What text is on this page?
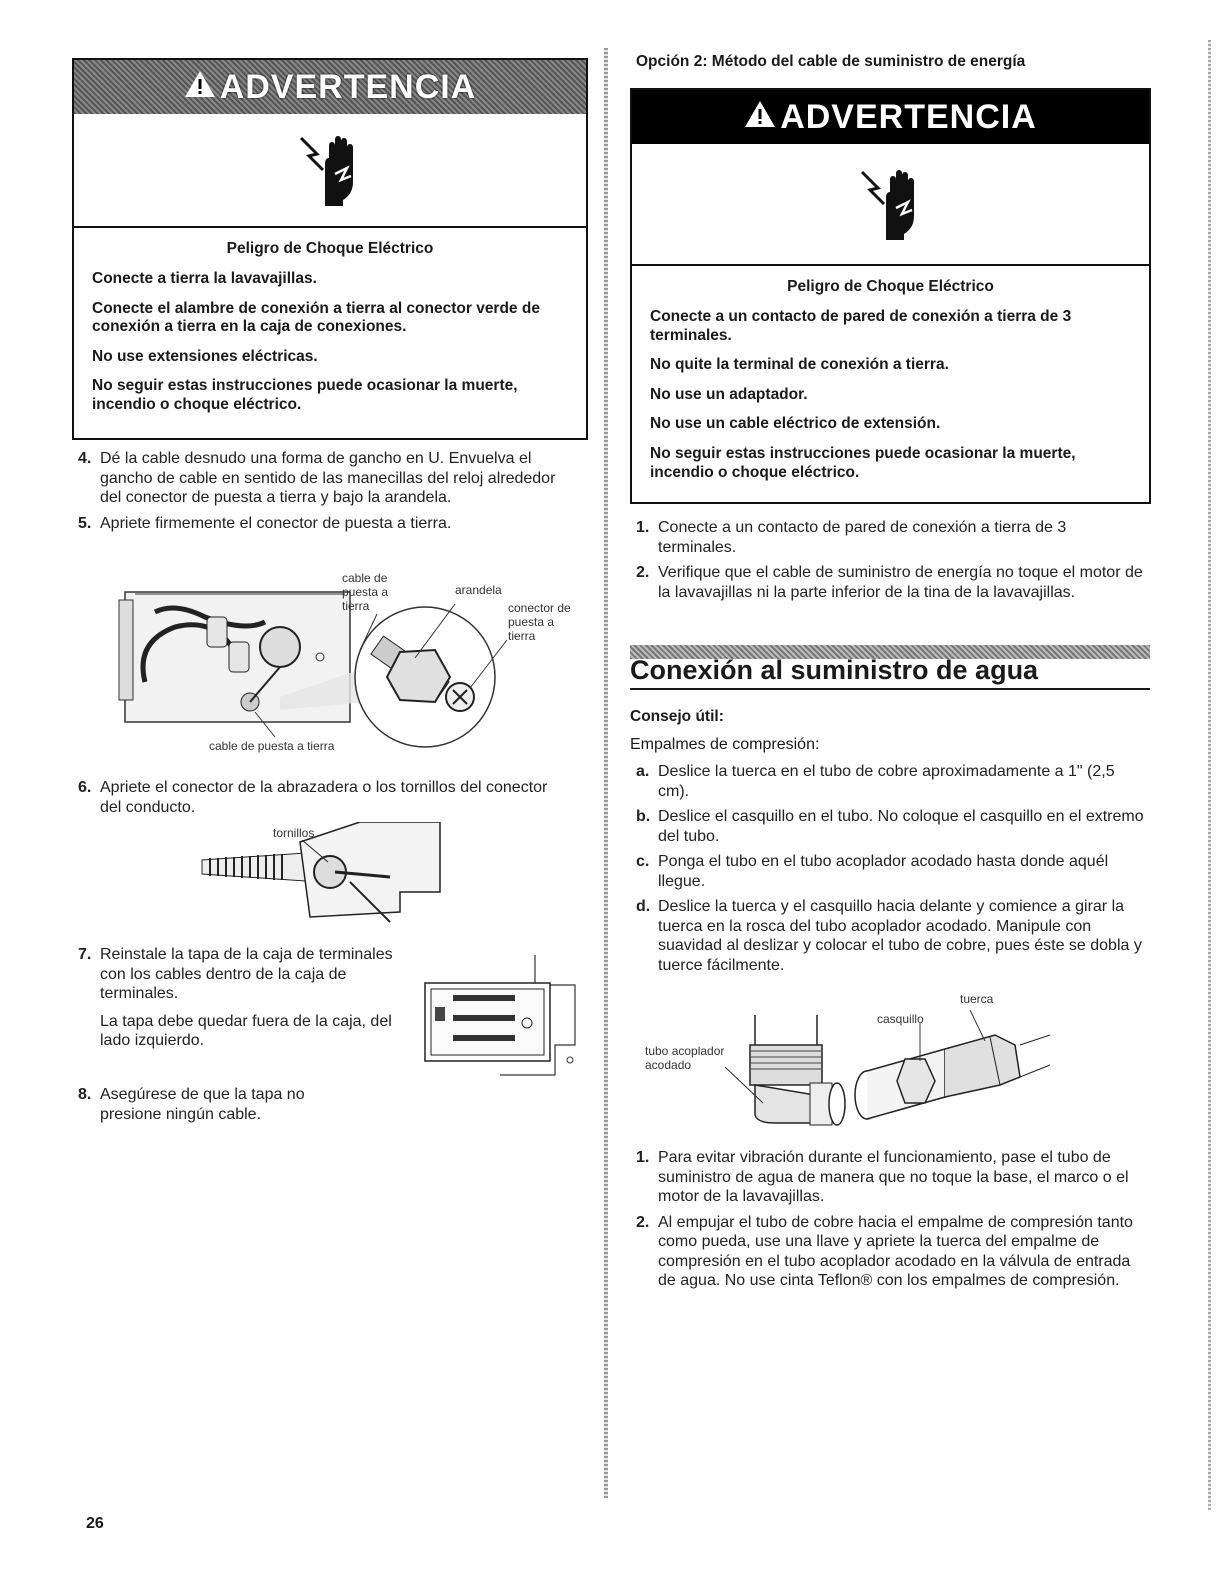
ADVERTENCIA
Peligro de Choque Eléctrico

Conecte a tierra la lavavajillas.

Conecte el alambre de conexión a tierra al conector verde de conexión a tierra en la caja de conexiones.

No use extensiones eléctricas.

No seguir estas instrucciones puede ocasionar la muerte, incendio o choque eléctrico.

4. Dé la cable desnudo una forma de gancho en U. Envuelva el gancho de cable en sentido de las manecillas del reloj alrededor del conector de puesta a tierra y bajo la arandela.
5. Apriete firmemente el conector de puesta a tierra.
cable de puesta a tierra
arandela
conector de puesta a tierra
cable de puesta a tierra
6. Apriete el conector de la abrazadera o los tornillos del conector del conducto.
tornillos
7. Reinstale la tapa de la caja de terminales con los cables dentro de la caja de terminales.
La tapa debe quedar fuera de la caja, del lado izquierdo.
8. Asegúrese de que la tapa no presione ningún cable.
Opción 2: Método del cable de suministro de energía
ADVERTENCIA
Peligro de Choque Eléctrico

Conecte a un contacto de pared de conexión a tierra de 3 terminales.

No quite la terminal de conexión a tierra.

No use un adaptador.

No use un cable eléctrico de extensión.

No seguir estas instrucciones puede ocasionar la muerte, incendio o choque eléctrico.

1. Conecte a un contacto de pared de conexión a tierra de 3 terminales.
2. Verifique que el cable de suministro de energía no toque el motor de la lavavajillas ni la parte inferior de la tina de la lavavajillas.
Conexión al suministro de agua
Consejo útil:
Empalmes de compresión:
a. Deslice la tuerca en el tubo de cobre aproximadamente a 1" (2,5 cm).
b. Deslice el casquillo en el tubo. No coloque el casquillo en el extremo del tubo.
c. Ponga el tubo en el tubo acoplador acodado hasta donde aquél llegue.
d. Deslice la tuerca y el casquillo hacia delante y comience a girar la tuerca en la rosca del tubo acoplador acodado. Manipule con suavidad al deslizar y colocar el tubo de cobre, pues éste se dobla y tuerce fácilmente.
tuerca
casquillo
tubo acoplador acodado
1. Para evitar vibración durante el funcionamiento, pase el tubo de suministro de agua de manera que no toque la base, el marco o el motor de la lavavajillas.
2. Al empujar el tubo de cobre hacia el empalme de compresión tanto como pueda, use una llave y apriete la tuerca del empalme de compresión en el tubo acoplador acodado en la válvula de entrada de agua. No use cinta Teflon® con los empalmes de compresión.
26
